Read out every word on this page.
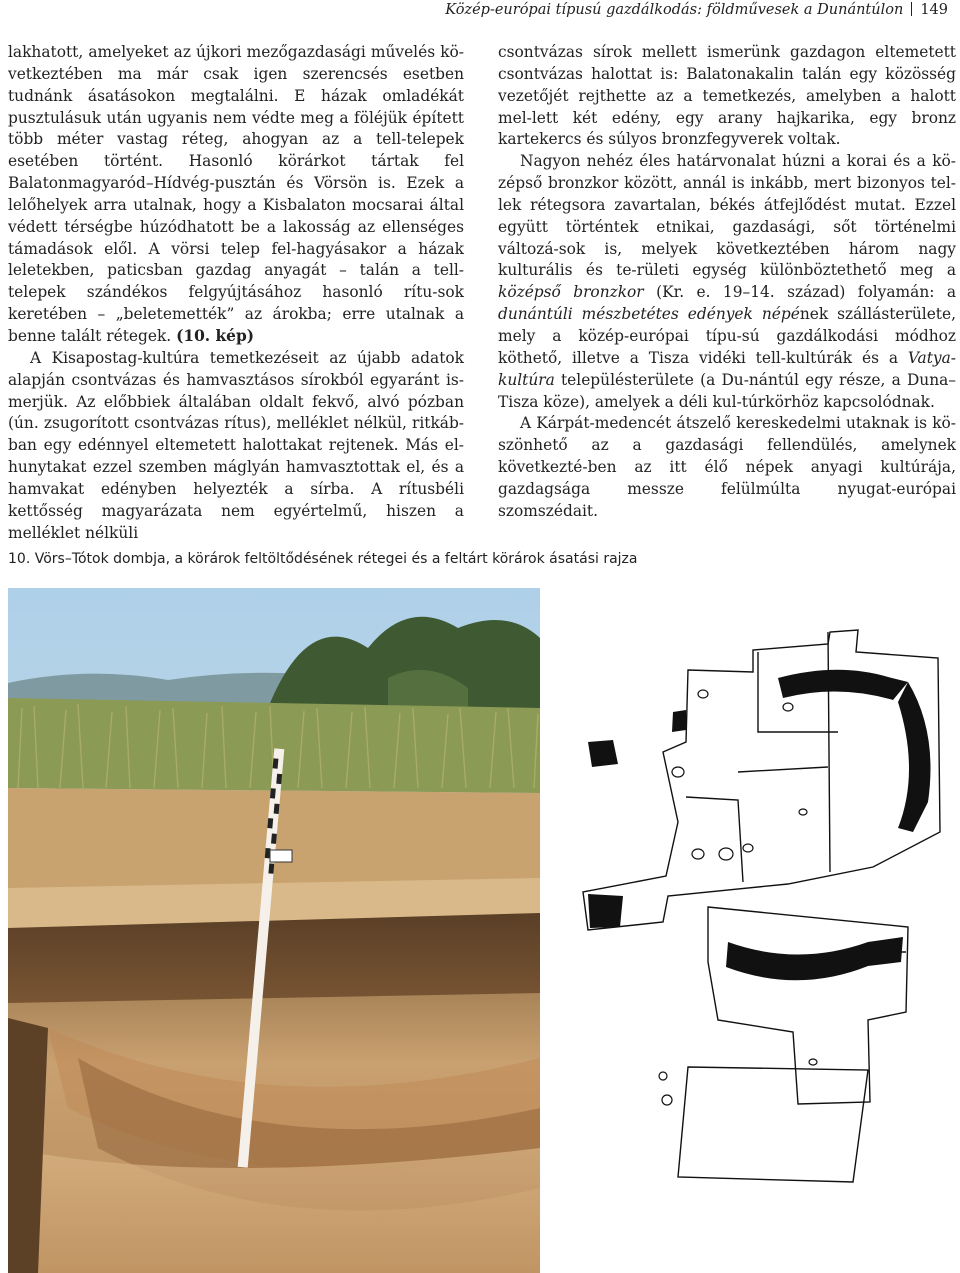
Közép-európai típusú gazdálkodás: földművesek a Dunántúlon 149

lakhatott, amelyeket az újkori mezőgazdasági művelés kö-vetkeztében ma már csak igen szerencsés esetben tudnánk ásatásokon megtalálni. E házak omladékát pusztulásuk után ugyanis nem védte meg a föléjük épített több méter vastag réteg, ahogyan az a tell-telepek esetében történt. Hasonló körárkot tártak fel Balatonmagyaród–Hídvég-pusztán és Vörsön is. Ezek a lelőhelyek arra utalnak, hogy a Kisbalaton mocsarai által védett térségbe húzódhatott be a lakosság az ellenséges támadások elől. A vörsi telep fel-hagyásakor a házak leletekben, paticsban gazdag anyagát – talán a tell-telepek szándékos felgyújtásához hasonló rítu-sok keretében – „beletemették” az árokba; erre utalnak a benne talált rétegek. (10. kép)

A Kisapostag-kultúra temetkezéseit az újabb adatok alapján csontvázas és hamvasztásos sírokból egyaránt is-merjük. Az előbbiek általában oldalt fekvő, alvó pózban (ún. zsugorított csontvázas rítus), melléklet nélkül, ritkáb-ban egy edénnyel eltemetett halottakat rejtenek. Más el-hunytakat ezzel szemben máglyán hamvasztottak el, és a hamvakat edényben helyezték a sírba. A rítusbéli kettősség magyarázata nem egyértelmű, hiszen a melléklet nélküli

csontvázas sírok mellett ismerünk gazdagon eltemetett csontvázas halottat is: Balatonakalin talán egy közösség vezetőjét rejthette az a temetkezés, amelyben a halott mel-lett két edény, egy arany hajkarika, egy bronz kartekercs és súlyos bronzfegyverek voltak.

Nagyon nehéz éles határvonalat húzni a korai és a kö-zépső bronzkor között, annál is inkább, mert bizonyos tel-lek rétegsora zavartalan, békés átfejlődést mutat. Ezzel együtt történtek etnikai, gazdasági, sőt történelmi változá-sok is, melyek következtében három nagy kulturális és te-rületi egység különböztethető meg a középső bronzkor (Kr. e. 19–14. század) folyamán: a dunántúli mészbetétes edények népének szállásterülete, mely a közép-európai típu-sú gazdálkodási módhoz köthető, illetve a Tisza vidéki tell-kultúrák és a Vatya-kultúra településterülete (a Du-nántúl egy része, a Duna–Tisza köze), amelyek a déli kul-túrkörhöz kapcsolódnak.

A Kárpát-medencét átszelő kereskedelmi utaknak is kö-szönhető az a gazdasági fellendülés, amelynek következté-ben az itt élő népek anyagi kultúrája, gazdagsága messze felülmúlta nyugat-európai szomszédait.

10. Vörs–Tótok dombja, a körárok feltöltődésének rétegei és a feltárt körárok ásatási rajza
